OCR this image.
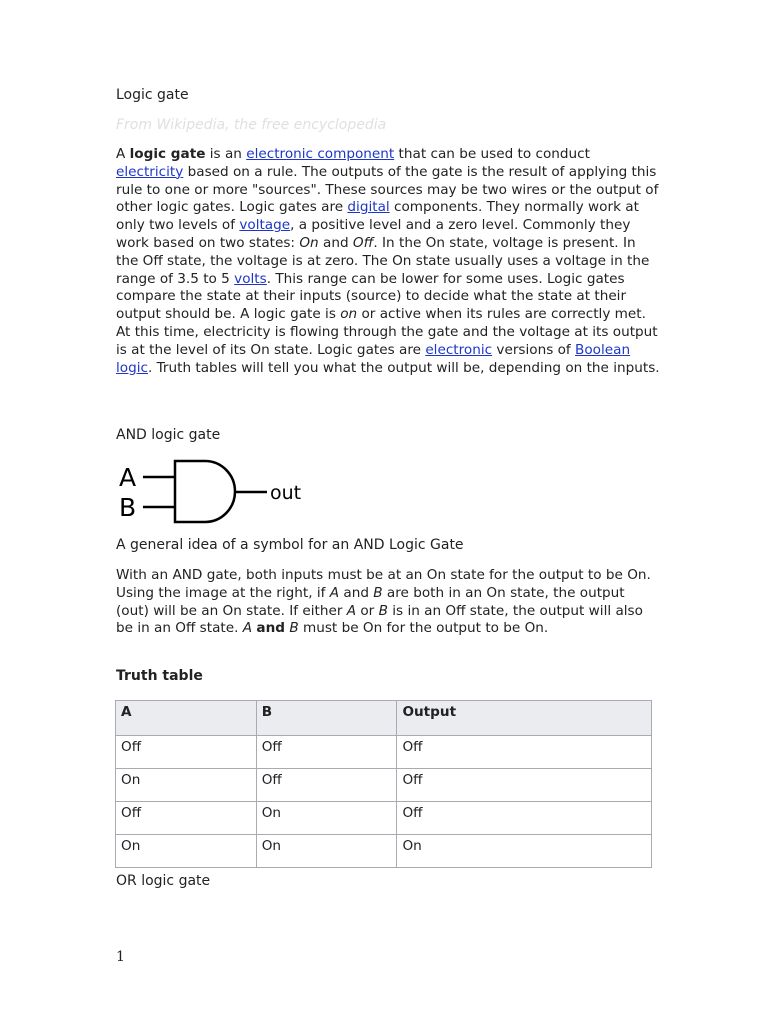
Logic gate
From Wikipedia, the free encyclopedia

A logic gate is an electronic component that can be used to conduct electricity based on a rule. The outputs of the gate is the result of applying this rule to one or more "sources". These sources may be two wires or the output of other logic gates. Logic gates are digital components. They normally work at only two levels of voltage, a positive level and a zero level. Commonly they work based on two states: On and Off. In the On state, voltage is present. In the Off state, the voltage is at zero. The On state usually uses a voltage in the range of 3.5 to 5 volts. This range can be lower for some uses. Logic gates compare the state at their inputs (source) to decide what the state at their output should be. A logic gate is on or active when its rules are correctly met. At this time, electricity is flowing through the gate and the voltage at its output is at the level of its On state. Logic gates are electronic versions of Boolean logic. Truth tables will tell you what the output will be, depending on the inputs.

AND logic gate
A
B	out
A general idea of a symbol for an AND Logic Gate

With an AND gate, both inputs must be at an On state for the output to be On. Using the image at the right, if A and B are both in an On state, the output (out) will be an On state. If either A or B is in an Off state, the output will also be in an Off state. A and B must be On for the output to be On.

Truth table
A	B	Output
Off	Off	Off
On	Off	Off
Off	On	Off
On	On	On
OR logic gate
1
